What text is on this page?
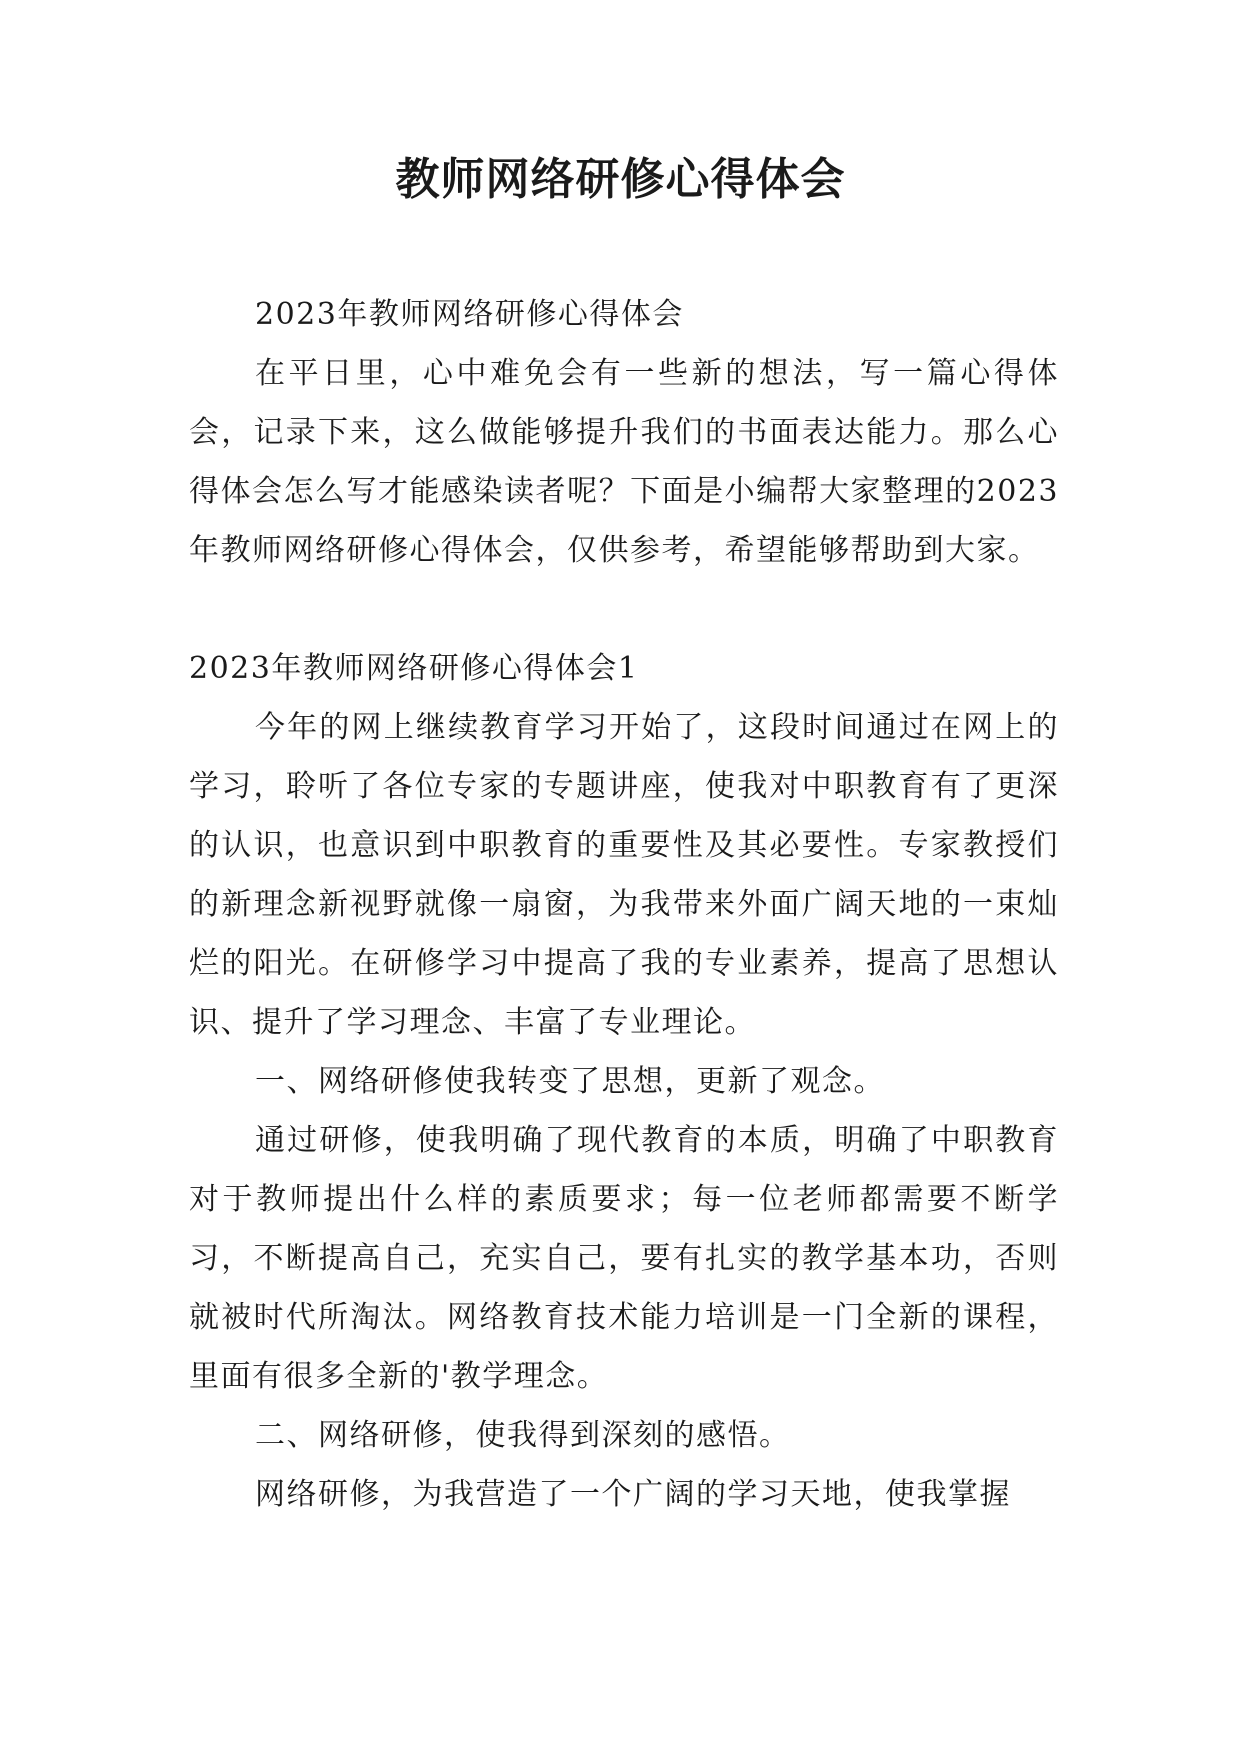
教师网络研修心得体会

2023年教师网络研修心得体会

在平日里，心中难免会有一些新的想法，写一篇心得体会，记录下来，这么做能够提升我们的书面表达能力。那么心得体会怎么写才能感染读者呢？下面是小编帮大家整理的2023年教师网络研修心得体会，仅供参考，希望能够帮助到大家。

2023年教师网络研修心得体会1

今年的网上继续教育学习开始了，这段时间通过在网上的学习，聆听了各位专家的专题讲座，使我对中职教育有了更深的认识，也意识到中职教育的重要性及其必要性。专家教授们的新理念新视野就像一扇窗，为我带来外面广阔天地的一束灿烂的阳光。在研修学习中提高了我的专业素养，提高了思想认识、提升了学习理念、丰富了专业理论。

一、网络研修使我转变了思想，更新了观念。

通过研修，使我明确了现代教育的本质，明确了中职教育对于教师提出什么样的素质要求；每一位老师都需要不断学习，不断提高自己，充实自己，要有扎实的教学基本功，否则就被时代所淘汰。网络教育技术能力培训是一门全新的课程，里面有很多全新的'教学理念。

二、网络研修，使我得到深刻的感悟。

网络研修，为我营造了一个广阔的学习天地，使我掌握
